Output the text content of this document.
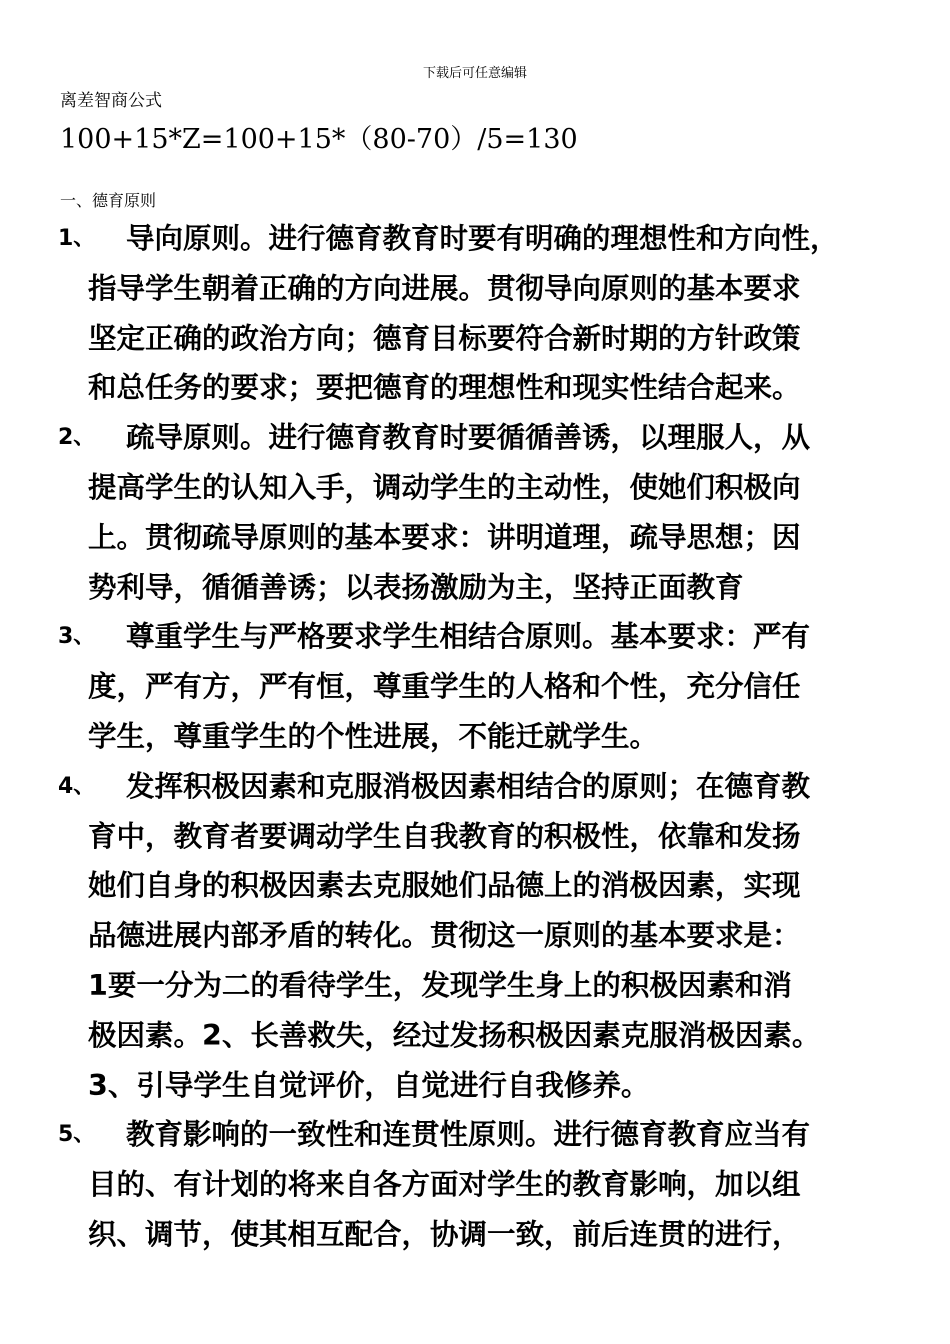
下载后可任意编辑
离差智商公式
100+15*Z=100+15*（80-70）/5=130
一、德育原则
1、	导向原则。进行德育教育时要有明确的理想性和方向性，
指导学生朝着正确的方向进展。贯彻导向原则的基本要求
坚定正确的政治方向；德育目标要符合新时期的方针政策
和总任务的要求；要把德育的理想性和现实性结合起来。
2、	疏导原则。进行德育教育时要循循善诱，以理服人，从
提高学生的认知入手，调动学生的主动性，使她们积极向
上。贯彻疏导原则的基本要求：讲明道理，疏导思想；因
势利导，循循善诱；以表扬激励为主，坚持正面教育
3、	尊重学生与严格要求学生相结合原则。基本要求：严有
度，严有方，严有恒，尊重学生的人格和个性，充分信任
学生，尊重学生的个性进展，不能迁就学生。
4、	发挥积极因素和克服消极因素相结合的原则；在德育教
育中，教育者要调动学生自我教育的积极性，依靠和发扬
她们自身的积极因素去克服她们品德上的消极因素，实现
品德进展内部矛盾的转化。贯彻这一原则的基本要求是：
1要一分为二的看待学生，发现学生身上的积极因素和消
极因素。2、长善救失，经过发扬积极因素克服消极因素。
3、引导学生自觉评价，自觉进行自我修养。
5、	教育影响的一致性和连贯性原则。进行德育教育应当有
目的、有计划的将来自各方面对学生的教育影响，加以组
织、调节，使其相互配合，协调一致，前后连贯的进行，
